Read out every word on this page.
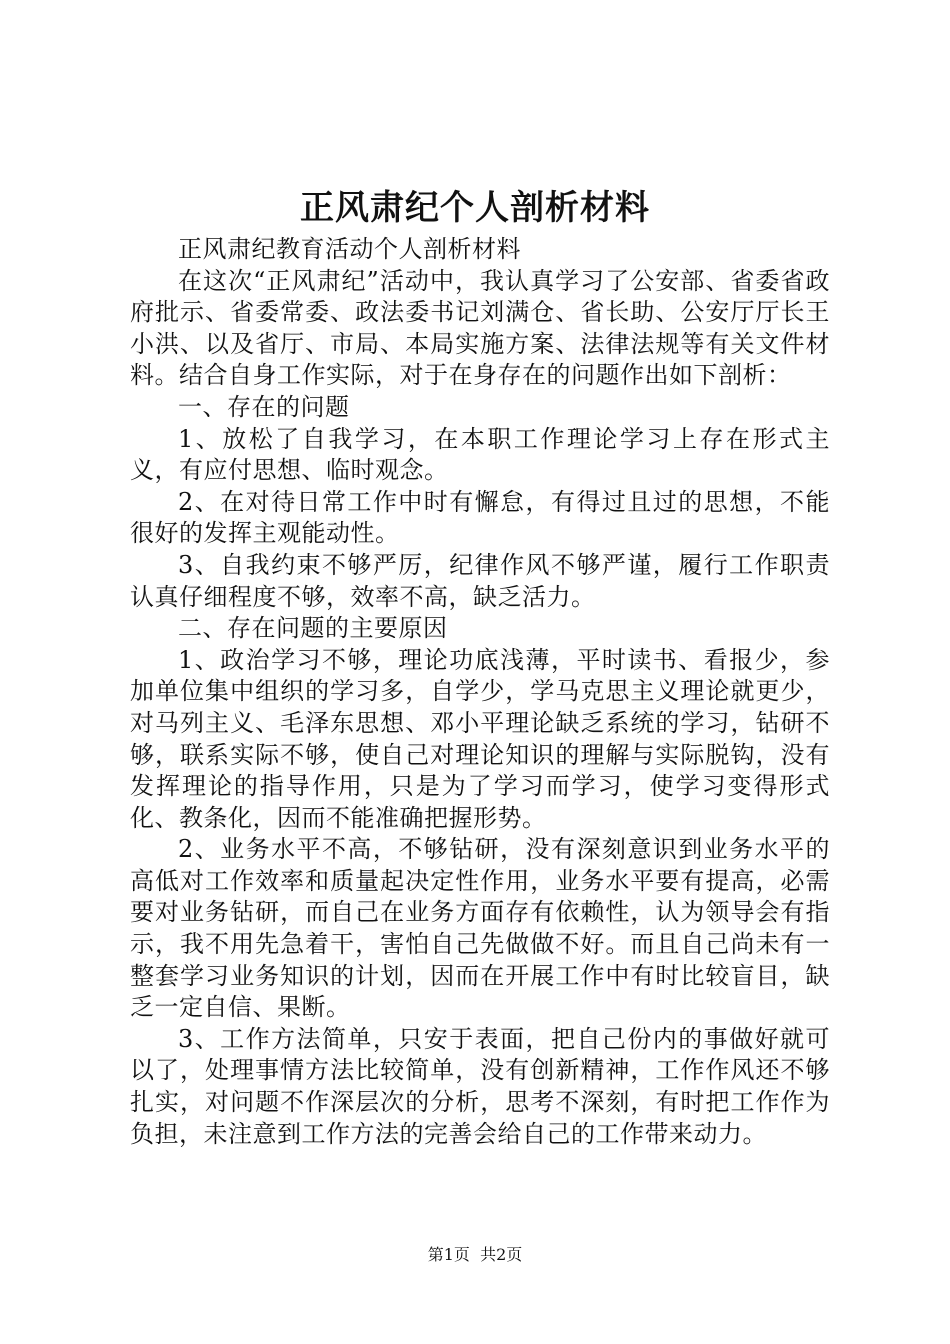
正风肃纪个人剖析材料

正风肃纪教育活动个人剖析材料

在这次“正风肃纪”活动中，我认真学习了公安部、省委省政府批示、省委常委、政法委书记刘满仓、省长助、公安厅厅长王小洪、以及省厅、市局、本局实施方案、法律法规等有关文件材料。结合自身工作实际，对于在身存在的问题作出如下剖析：

一、存在的问题

1、放松了自我学习，在本职工作理论学习上存在形式主义，有应付思想、临时观念。

2、在对待日常工作中时有懈怠，有得过且过的思想，不能很好的发挥主观能动性。

3、自我约束不够严厉，纪律作风不够严谨，履行工作职责认真仔细程度不够，效率不高，缺乏活力。

二、存在问题的主要原因

1、政治学习不够，理论功底浅薄，平时读书、看报少，参加单位集中组织的学习多，自学少，学马克思主义理论就更少，对马列主义、毛泽东思想、邓小平理论缺乏系统的学习，钻研不够，联系实际不够，使自己对理论知识的理解与实际脱钩，没有发挥理论的指导作用，只是为了学习而学习，使学习变得形式化、教条化，因而不能准确把握形势。

2、业务水平不高，不够钻研，没有深刻意识到业务水平的高低对工作效率和质量起决定性作用，业务水平要有提高，必需要对业务钻研，而自己在业务方面存有依赖性，认为领导会有指示，我不用先急着干，害怕自己先做做不好。而且自己尚未有一整套学习业务知识的计划，因而在开展工作中有时比较盲目，缺乏一定自信、果断。

3、工作方法简单，只安于表面，把自己份内的事做好就可以了，处理事情方法比较简单，没有创新精神，工作作风还不够扎实，对问题不作深层次的分析，思考不深刻，有时把工作作为负担，未注意到工作方法的完善会给自己的工作带来动力。

第1页 共2页
